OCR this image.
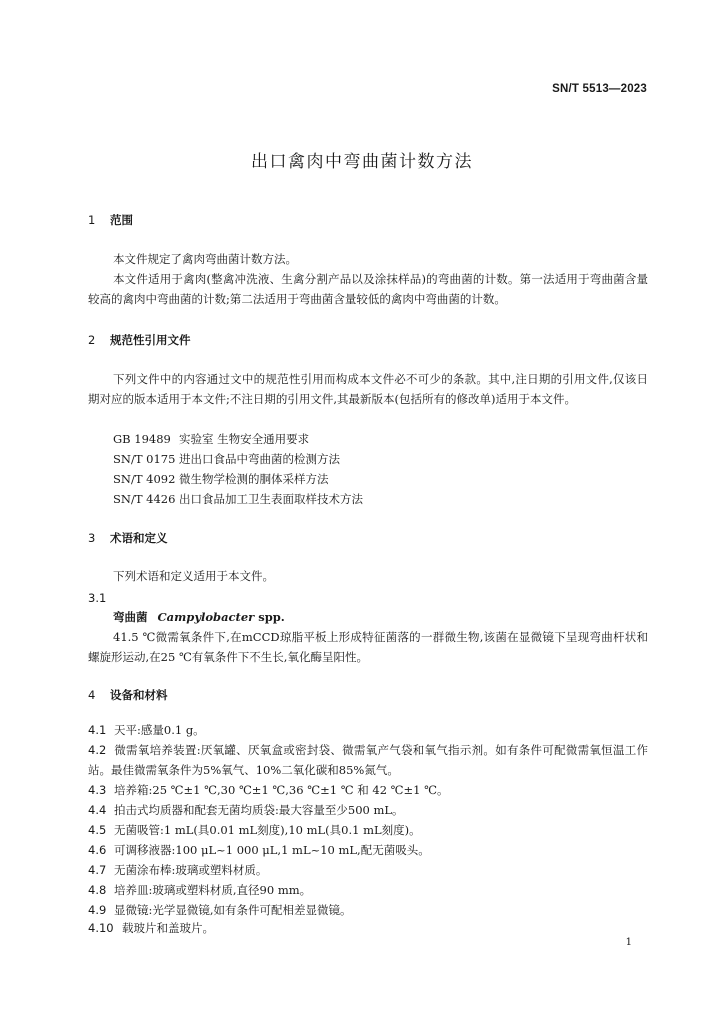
SN/T 5513—2023
出口禽肉中弯曲菌计数方法
1 范围
本文件规定了禽肉弯曲菌计数方法。
本文件适用于禽肉(整禽冲洗液、生禽分割产品以及涂抹样品)的弯曲菌的计数。第一法适用于弯曲菌含量较高的禽肉中弯曲菌的计数;第二法适用于弯曲菌含量较低的禽肉中弯曲菌的计数。
2 规范性引用文件
下列文件中的内容通过文中的规范性引用而构成本文件必不可少的条款。其中,注日期的引用文件,仅该日期对应的版本适用于本文件;不注日期的引用文件,其最新版本(包括所有的修改单)适用于本文件。
GB 19489 实验室 生物安全通用要求
SN/T 0175 进出口食品中弯曲菌的检测方法
SN/T 4092 微生物学检测的胴体采样方法
SN/T 4426 出口食品加工卫生表面取样技术方法
3 术语和定义
下列术语和定义适用于本文件。
3.1
弯曲菌 Campylobacter spp.
41.5 ℃微需氧条件下,在mCCD琼脂平板上形成特征菌落的一群微生物,该菌在显微镜下呈现弯曲杆状和螺旋形运动,在25 ℃有氧条件下不生长,氧化酶呈阳性。
4 设备和材料
4.1 天平:感量0.1 g。
4.2 微需氧培养装置:厌氧罐、厌氧盒或密封袋、微需氧产气袋和氧气指示剂。如有条件可配微需氧恒温工作站。最佳微需氧条件为5%氧气、10%二氧化碳和85%氮气。
4.3 培养箱:25 ℃±1 ℃,30 ℃±1 ℃,36 ℃±1 ℃ 和 42 ℃±1 ℃。
4.4 拍击式均质器和配套无菌均质袋:最大容量至少500 mL。
4.5 无菌吸管:1 mL(具0.01 mL刻度),10 mL(具0.1 mL刻度)。
4.6 可调移液器:100 μL~1 000 μL,1 mL~10 mL,配无菌吸头。
4.7 无菌涂布棒:玻璃或塑料材质。
4.8 培养皿:玻璃或塑料材质,直径90 mm。
4.9 显微镜:光学显微镜,如有条件可配相差显微镜。
4.10 载玻片和盖玻片。
1
